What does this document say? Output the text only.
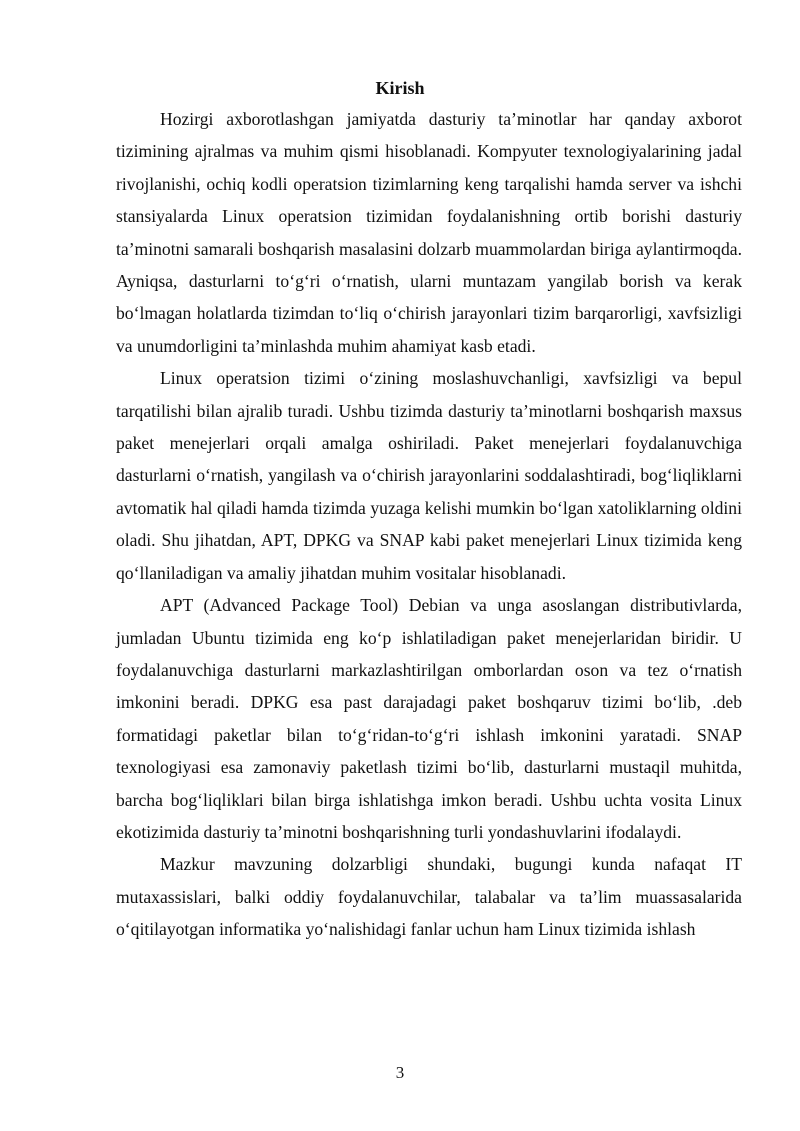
Kirish

Hozirgi axborotlashgan jamiyatda dasturiy ta’minotlar har qanday axborot tizimining ajralmas va muhim qismi hisoblanadi. Kompyuter texnologiyalarining jadal rivojlanishi, ochiq kodli operatsion tizimlarning keng tarqalishi hamda server va ishchi stansiyalarda Linux operatsion tizimidan foydalanishning ortib borishi dasturiy ta’minotni samarali boshqarish masalasini dolzarb muammolardan biriga aylantirmoqda. Ayniqsa, dasturlarni to‘g‘ri o‘rnatish, ularni muntazam yangilab borish va kerak bo‘lmagan holatlarda tizimdan to‘liq o‘chirish jarayonlari tizim barqarorligi, xavfsizligi va unumdorligini ta’minlashda muhim ahamiyat kasb etadi.

Linux operatsion tizimi o‘zining moslashuvchanligi, xavfsizligi va bepul tarqatilishi bilan ajralib turadi. Ushbu tizimda dasturiy ta’minotlarni boshqarish maxsus paket menejerlari orqali amalga oshiriladi. Paket menejerlari foydalanuvchiga dasturlarni o‘rnatish, yangilash va o‘chirish jarayonlarini soddalashtiradi, bog‘liqliklarni avtomatik hal qiladi hamda tizimda yuzaga kelishi mumkin bo‘lgan xatoliklarning oldini oladi. Shu jihatdan, APT, DPKG va SNAP kabi paket menejerlari Linux tizimida keng qo‘llaniladigan va amaliy jihatdan muhim vositalar hisoblanadi.

APT (Advanced Package Tool) Debian va unga asoslangan distributivlarda, jumladan Ubuntu tizimida eng ko‘p ishlatiladigan paket menejerlaridan biridir. U foydalanuvchiga dasturlarni markazlashtirilgan omborlardan oson va tez o‘rnatish imkonini beradi. DPKG esa past darajadagi paket boshqaruv tizimi bo‘lib, .deb formatidagi paketlar bilan to‘g‘ridan-to‘g‘ri ishlash imkonini yaratadi. SNAP texnologiyasi esa zamonaviy paketlash tizimi bo‘lib, dasturlarni mustaqil muhitda, barcha bog‘liqliklari bilan birga ishlatishga imkon beradi. Ushbu uchta vosita Linux ekotizimida dasturiy ta’minotni boshqarishning turli yondashuvlarini ifodalaydi.

Mazkur mavzuning dolzarbligi shundaki, bugungi kunda nafaqat IT mutaxassislari, balki oddiy foydalanuvchilar, talabalar va ta’lim muassasalarida o‘qitilayotgan informatika yo‘nalishidagi fanlar uchun ham Linux tizimida ishlash

3
